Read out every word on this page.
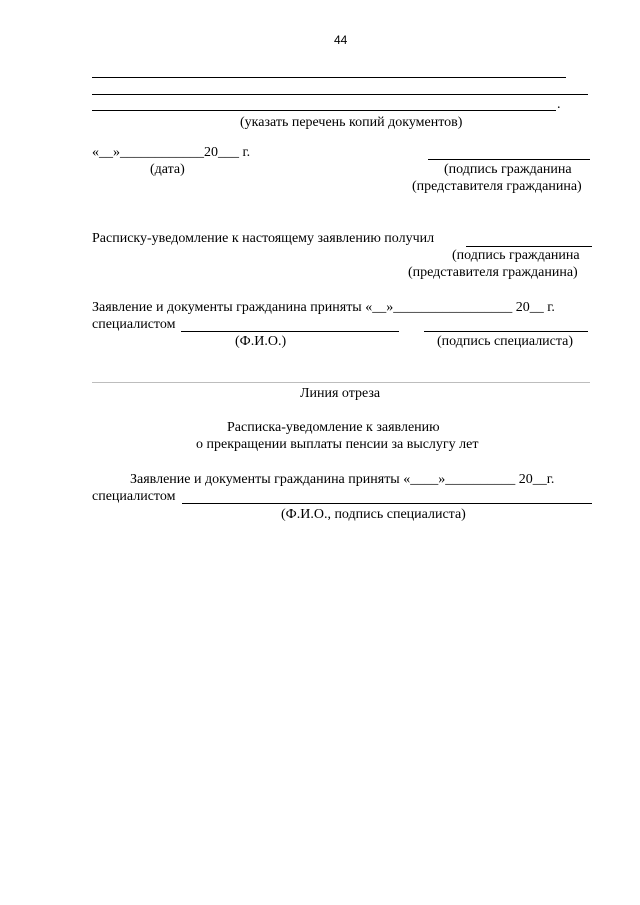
44
.
(указать перечень копий документов)
«__»____________20___ г.
(дата)	(подпись гражданина
(представителя гражданина)
Расписку-уведомление к настоящему заявлению получил
(подпись гражданина
(представителя гражданина)
Заявление и документы гражданина приняты «__»_________________ 20__ г.
специалистом
(Ф.И.О.)	(подпись специалиста)
Линия отреза
Расписка-уведомление к заявлению
о прекращении выплаты пенсии за выслугу лет
Заявление и документы гражданина приняты «____»__________ 20__г.
специалистом
(Ф.И.О., подпись специалиста)
